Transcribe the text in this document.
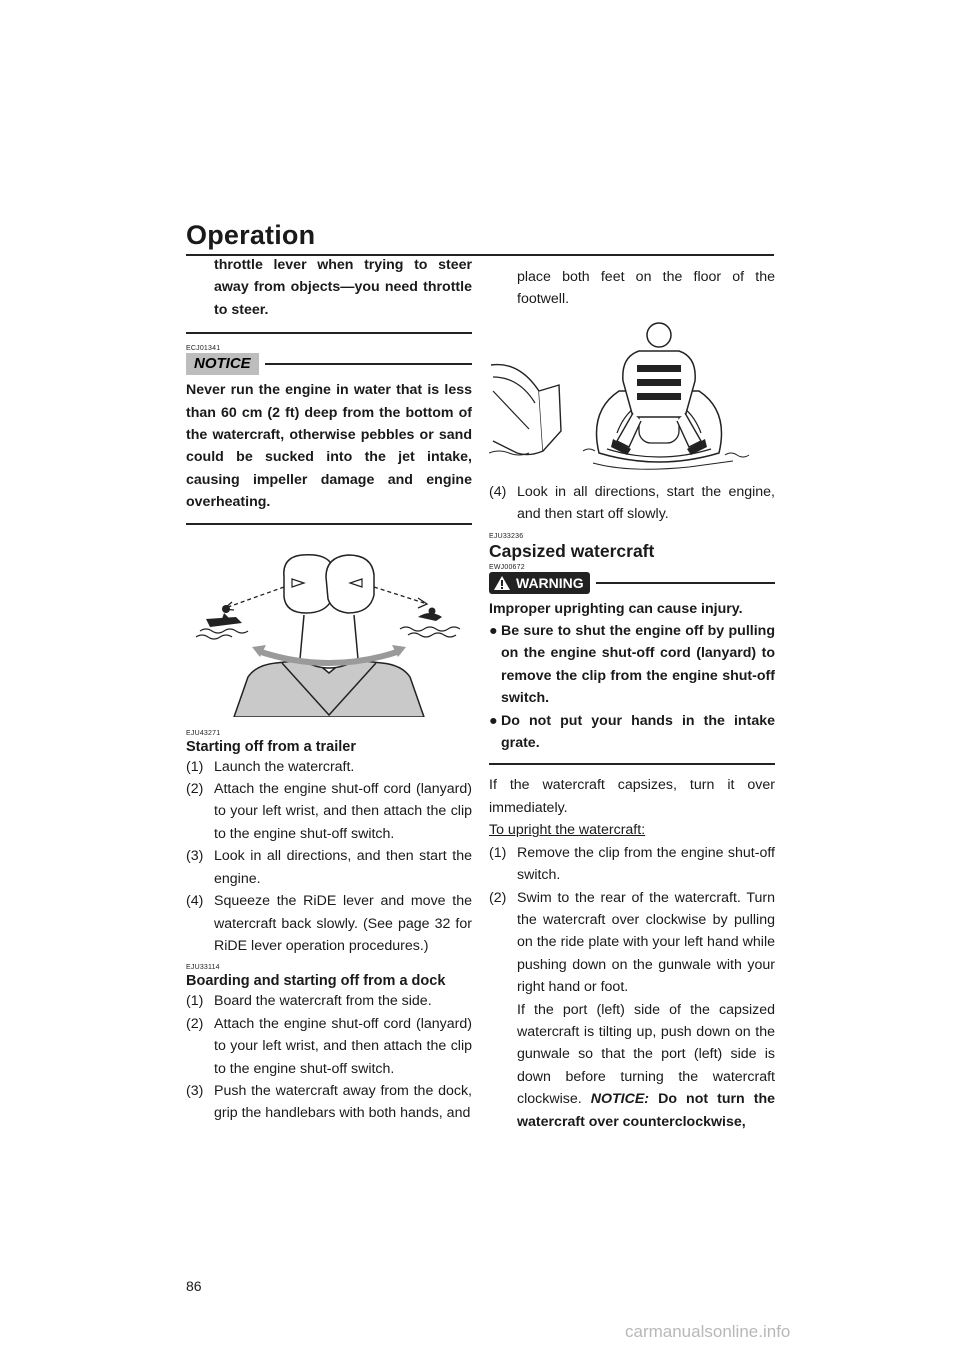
Operation
throttle lever when trying to steer away from objects—you need throttle to steer.
ECJ01341
NOTICE
Never run the engine in water that is less than 60 cm (2 ft) deep from the bottom of the watercraft, otherwise pebbles or sand could be sucked into the jet intake, causing impeller damage and engine overheating.
EJU43271
Starting off from a trailer
(1) Launch the watercraft.
(2) Attach the engine shut-off cord (lanyard) to your left wrist, and then attach the clip to the engine shut-off switch.
(3) Look in all directions, and then start the engine.
(4) Squeeze the RiDE lever and move the watercraft back slowly. (See page 32 for RiDE lever operation procedures.)
EJU33114
Boarding and starting off from a dock
(1) Board the watercraft from the side.
(2) Attach the engine shut-off cord (lanyard) to your left wrist, and then attach the clip to the engine shut-off switch.
(3) Push the watercraft away from the dock, grip the handlebars with both hands, and
place both feet on the floor of the footwell.
(4) Look in all directions, start the engine, and then start off slowly.
EJU33236
Capsized watercraft
EWJ00672
WARNING
Improper uprighting can cause injury.
● Be sure to shut the engine off by pulling on the engine shut-off cord (lanyard) to remove the clip from the engine shut-off switch.
● Do not put your hands in the intake grate.
If the watercraft capsizes, turn it over immediately.
To upright the watercraft:
(1) Remove the clip from the engine shut-off switch.
(2) Swim to the rear of the watercraft. Turn the watercraft over clockwise by pulling on the ride plate with your left hand while pushing down on the gunwale with your right hand or foot.
If the port (left) side of the capsized watercraft is tilting up, push down on the gunwale so that the port (left) side is down before turning the watercraft clockwise. NOTICE: Do not turn the watercraft over counterclockwise,
86
carmanualsonline.info
